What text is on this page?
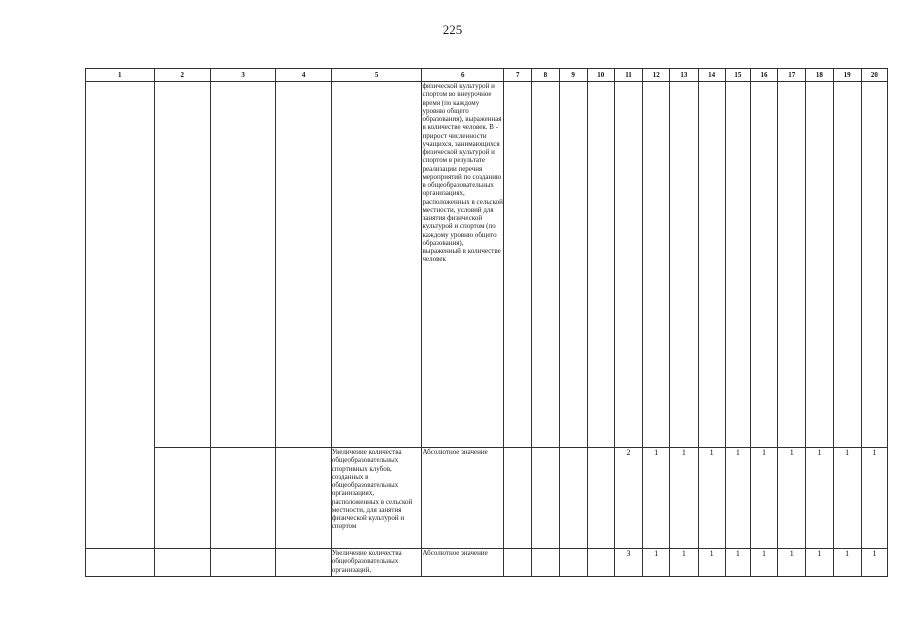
225
1	2	3	4	5	6	7	8	9	10	11	12	13	14	15	16	17	18	19	20
					физической культурой и спортом во внеурочное время (по каждому уровню общего образования), выраженная в количестве человек. В - прирост численности учащихся, занимающихся физической культурой и спортом в результате реализации перечня мероприятий по созданию в общеобразовательных организациях, расположенных в сельской местности, условий для занятия физической культурой и спортом (по каждому уровню общего образования), выраженный в количестве человек														
				Увеличение количества общеобразовательных спортивных клубов, созданных в общеобразовательных организациях, расположенных в сельской местности, для занятия физической культурой и спортом	Абсолютное значение					2	1	1	1	1	1	1	1	1	1
				Увеличение количества общеобразовательных организаций,	Абсолютное значение					3	1	1	1	1	1	1	1	1	1
